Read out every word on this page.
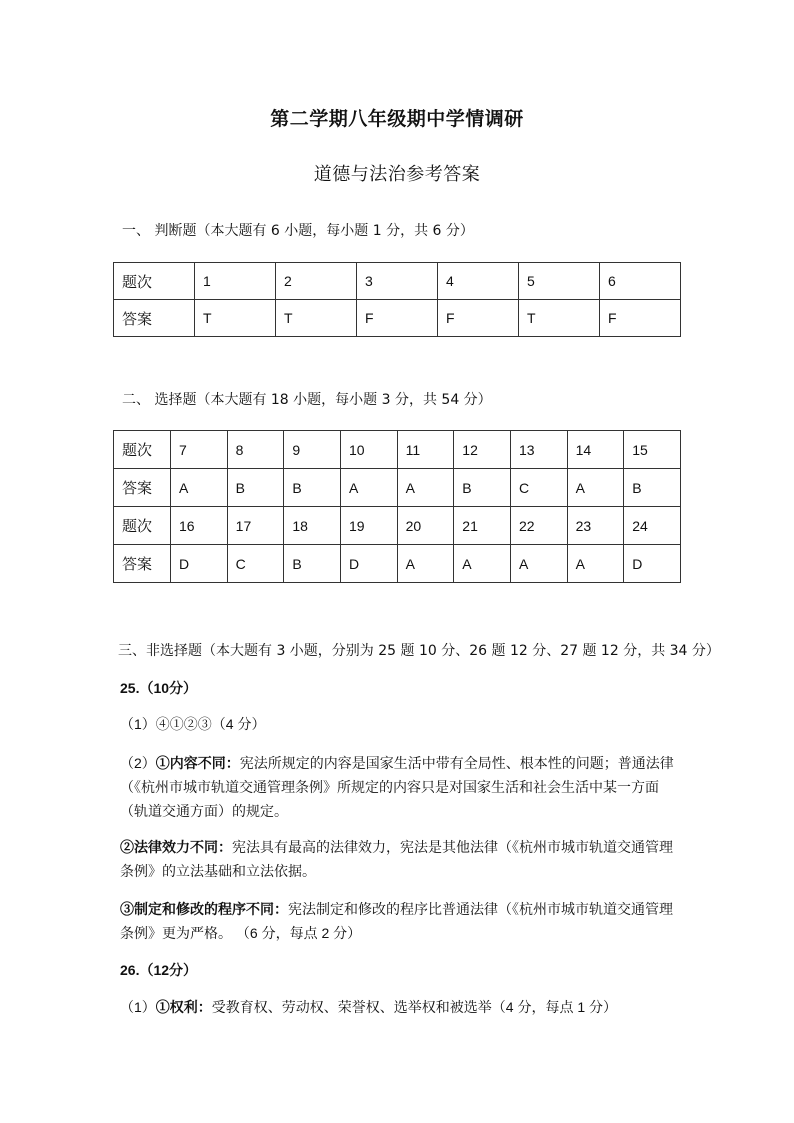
第二学期八年级期中学情调研
道德与法治参考答案
一、 判断题（本大题有 6 小题，每小题 1 分，共 6 分）
题次	1	2	3	4	5	6
答案	T	T	F	F	T	F
二、 选择题（本大题有 18 小题，每小题 3 分，共 54 分）
题次	7	8	9	10	11	12	13	14	15
答案	A	B	B	A	A	B	C	A	B
题次	16	17	18	19	20	21	22	23	24
答案	D	C	B	D	A	A	A	A	D
三、非选择题（本大题有 3 小题，分别为 25 题 10 分、26 题 12 分、27 题 12 分，共 34 分）
25.（10分）
（1）④①②③（4 分）
（2）①内容不同：宪法所规定的内容是国家生活中带有全局性、根本性的问题；普通法律（《杭州市城市轨道交通管理条例》所规定的内容只是对国家生活和社会生活中某一方面（轨道交通方面）的规定。
②法律效力不同：宪法具有最高的法律效力，宪法是其他法律（《杭州市城市轨道交通管理条例》的立法基础和立法依据。
③制定和修改的程序不同：宪法制定和修改的程序比普通法律（《杭州市城市轨道交通管理条例》更为严格。 （6 分，每点 2 分）
26.（12分）
（1）①权利：受教育权、劳动权、荣誉权、选举权和被选举（4 分，每点 1 分）
